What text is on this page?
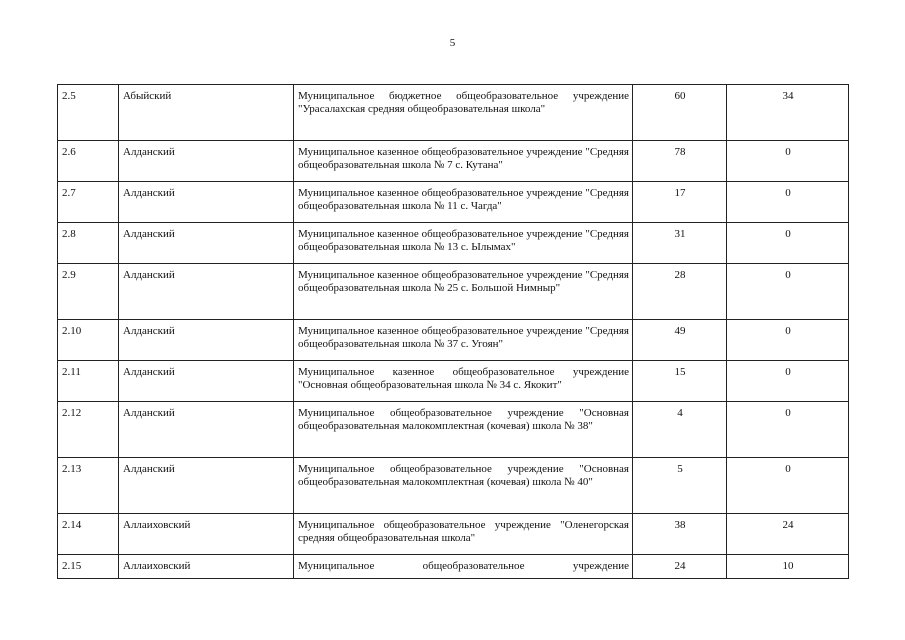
5
2.5	Абыйский	Муниципальное бюджетное общеобразовательное учреждение "Урасалахская средняя общеобразовательная школа"	60	34
2.6	Алданский	Муниципальное казенное общеобразовательное учреждение "Средняя общеобразовательная школа № 7 с. Кутана"	78	0
2.7	Алданский	Муниципальное казенное общеобразовательное учреждение "Средняя общеобразовательная школа № 11 с. Чагда"	17	0
2.8	Алданский	Муниципальное казенное общеобразовательное учреждение "Средняя общеобразовательная школа № 13 с. Ылымах"	31	0
2.9	Алданский	Муниципальное казенное общеобразовательное учреждение "Средняя общеобразовательная школа № 25 с. Большой Нимныр"	28	0
2.10	Алданский	Муниципальное казенное общеобразовательное учреждение "Средняя общеобразовательная школа № 37 с. Угоян"	49	0
2.11	Алданский	Муниципальное казенное общеобразовательное учреждение "Основная общеобразовательная школа № 34 с. Якокит"	15	0
2.12	Алданский	Муниципальное общеобразовательное учреждение "Основная общеобразовательная малокомплектная (кочевая) школа № 38"	4	0
2.13	Алданский	Муниципальное общеобразовательное учреждение "Основная общеобразовательная малокомплектная (кочевая) школа № 40"	5	0
2.14	Аллаиховский	Муниципальное общеобразовательное учреждение "Оленегорская средняя общеобразовательная школа"	38	24
2.15	Аллаиховский	Муниципальное общеобразовательное учреждение	24	10
